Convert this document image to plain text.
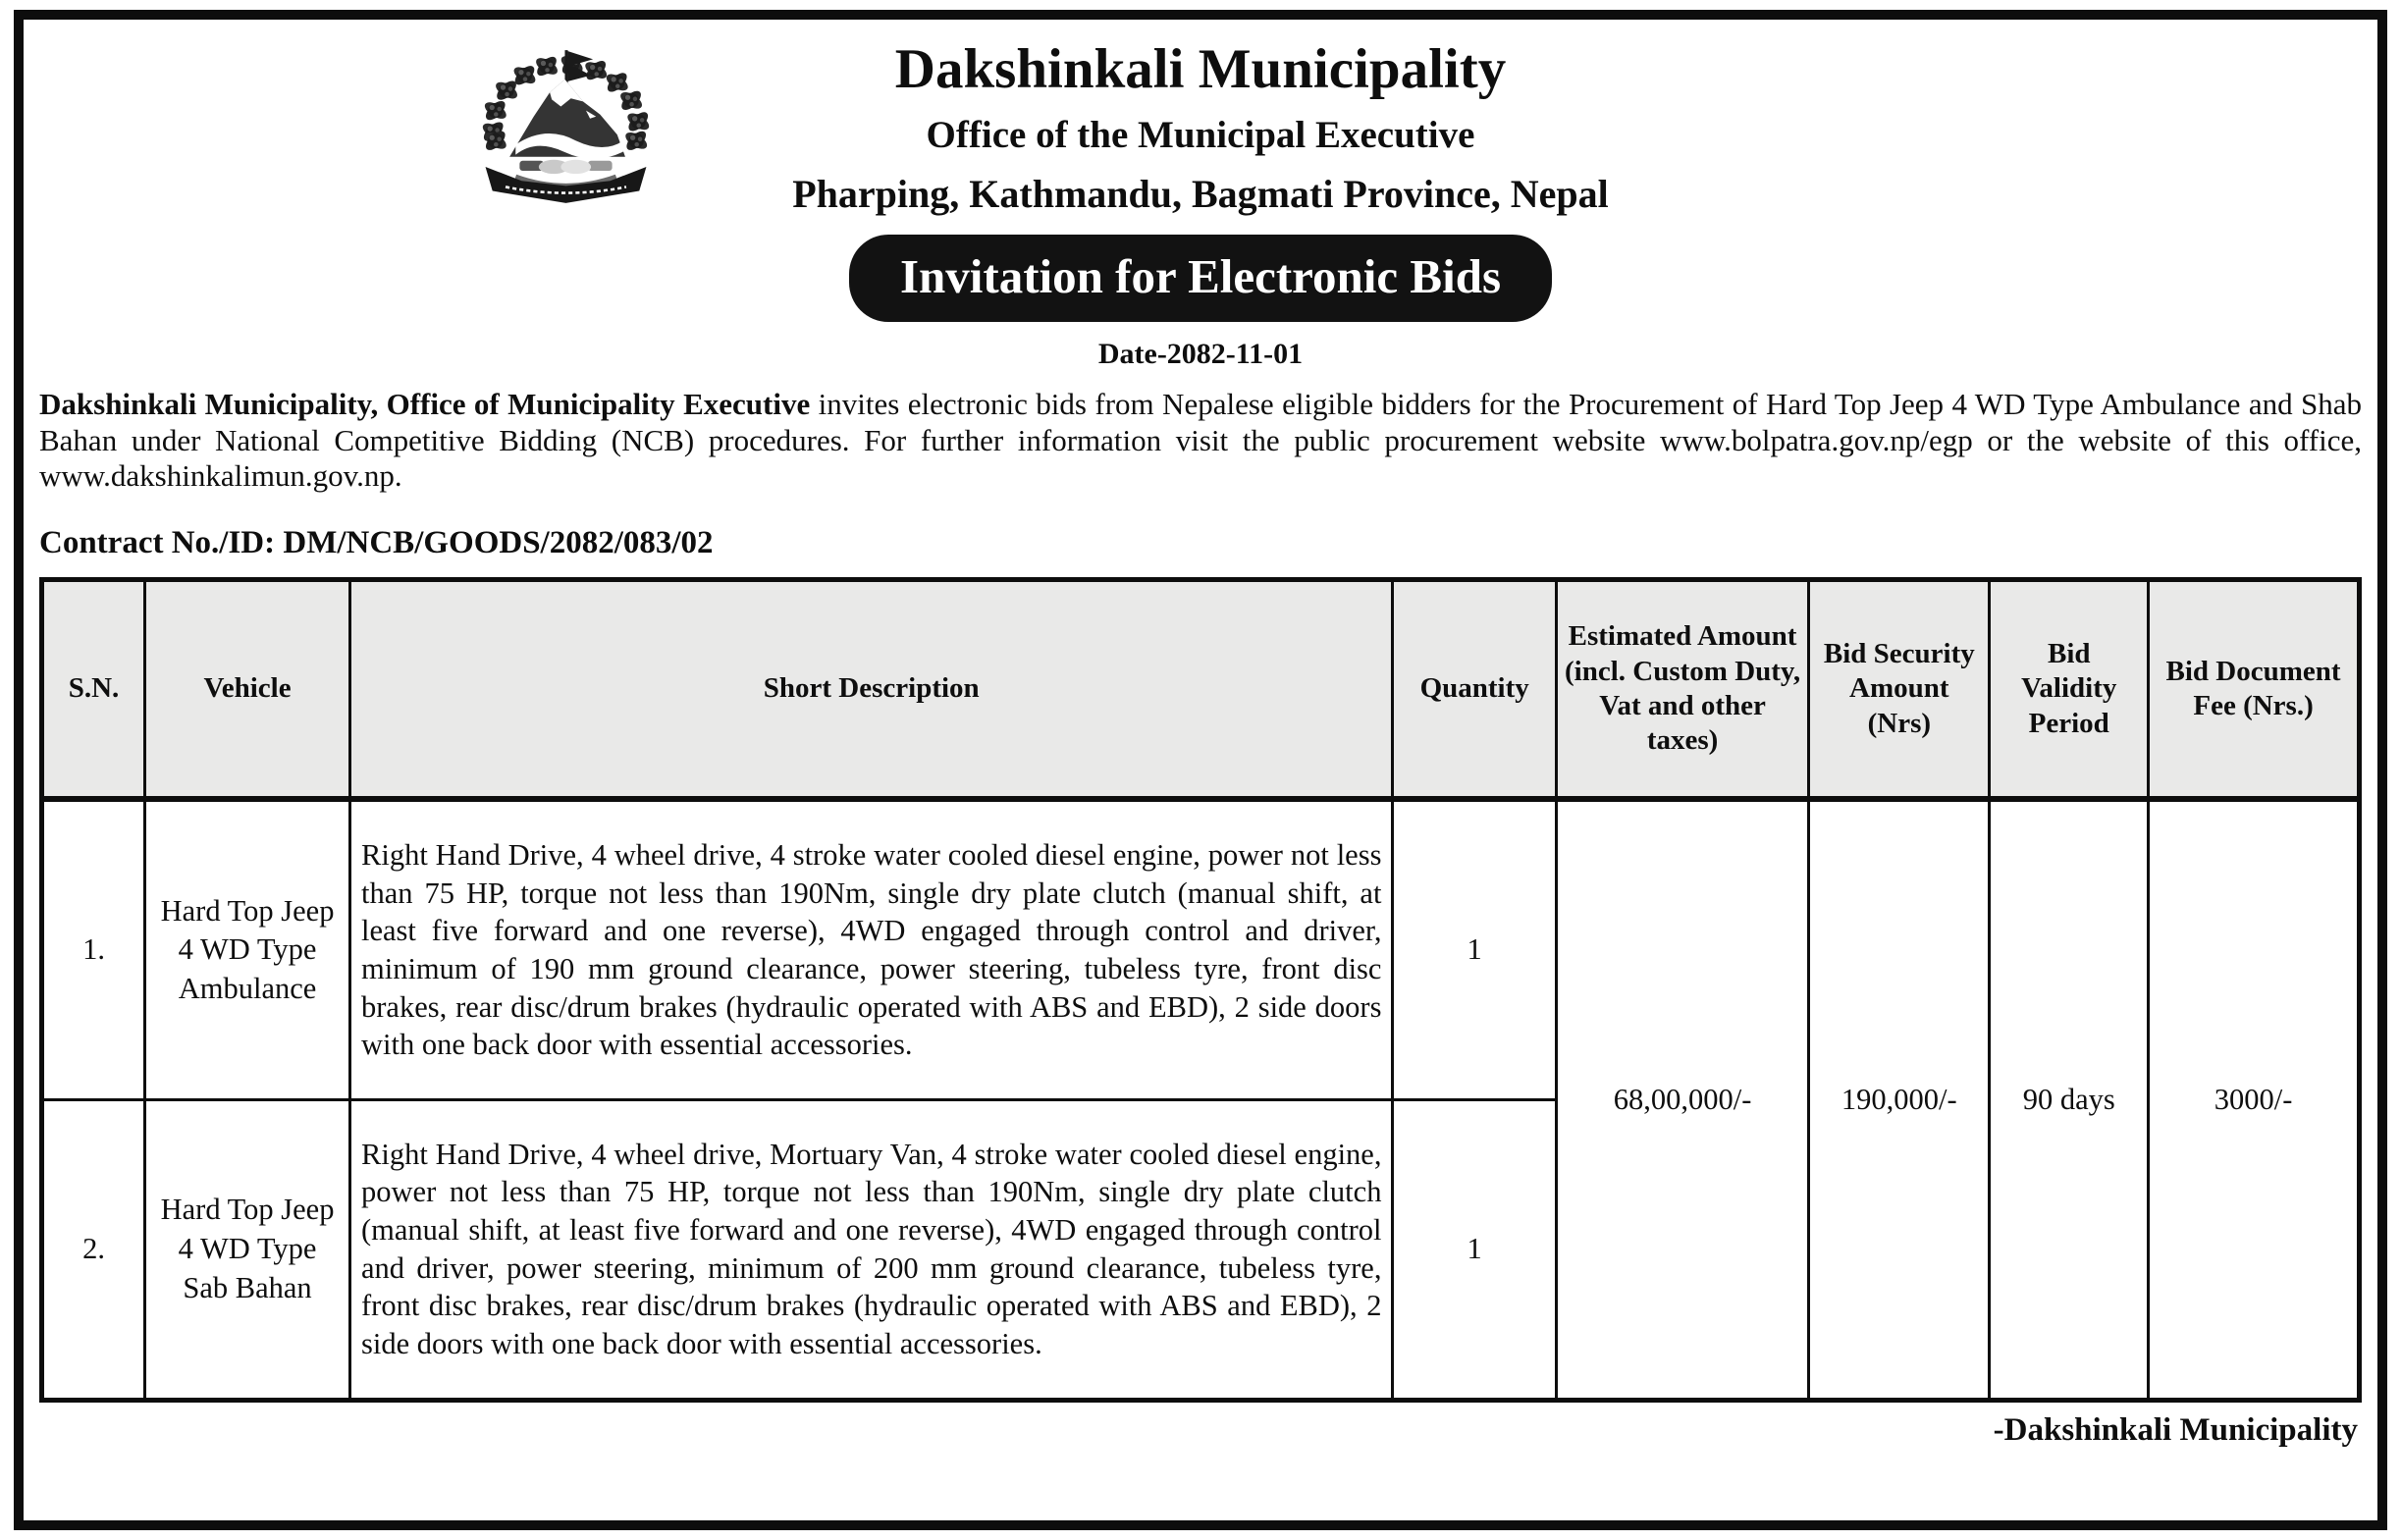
Dakshinkali Municipality
Office of the Municipal Executive
Pharping, Kathmandu, Bagmati Province, Nepal
Invitation for Electronic Bids
Date-2082-11-01

Dakshinkali Municipality, Office of Municipality Executive invites electronic bids from Nepalese eligible bidders for the Procurement of Hard Top Jeep 4 WD Type Ambulance and Shab Bahan under National Competitive Bidding (NCB) procedures. For further information visit the public procurement website www.bolpatra.gov.np/egp or the website of this office, www.dakshinkalimun.gov.np.

Contract No./ID: DM/NCB/GOODS/2082/083/02
S.N.	Vehicle	Short Description	Quantity	Estimated Amount (incl. Custom Duty, Vat and other taxes)	Bid Security Amount (Nrs)	Bid Validity Period	Bid Document Fee (Nrs.)
1.	Hard Top Jeep 4 WD Type Ambulance	Right Hand Drive, 4 wheel drive, 4 stroke water cooled diesel engine, power not less than 75 HP, torque not less than 190Nm, single dry plate clutch (manual shift, at least five forward and one reverse), 4WD engaged through control and driver, minimum of 190 mm ground clearance, power steering, tubeless tyre, front disc brakes, rear disc/drum brakes (hydraulic operated with ABS and EBD), 2 side doors with one back door with essential accessories.	1	68,00,000/-	190,000/-	90 days	3000/-
2.	Hard Top Jeep 4 WD Type Sab Bahan	Right Hand Drive, 4 wheel drive, Mortuary Van, 4 stroke water cooled diesel engine, power not less than 75 HP, torque not less than 190Nm, single dry plate clutch (manual shift, at least five forward and one reverse), 4WD engaged through control and driver, power steering, minimum of 200 mm ground clearance, tubeless tyre, front disc brakes, rear disc/drum brakes (hydraulic operated with ABS and EBD), 2 side doors with one back door with essential accessories.	1				
-Dakshinkali Municipality
